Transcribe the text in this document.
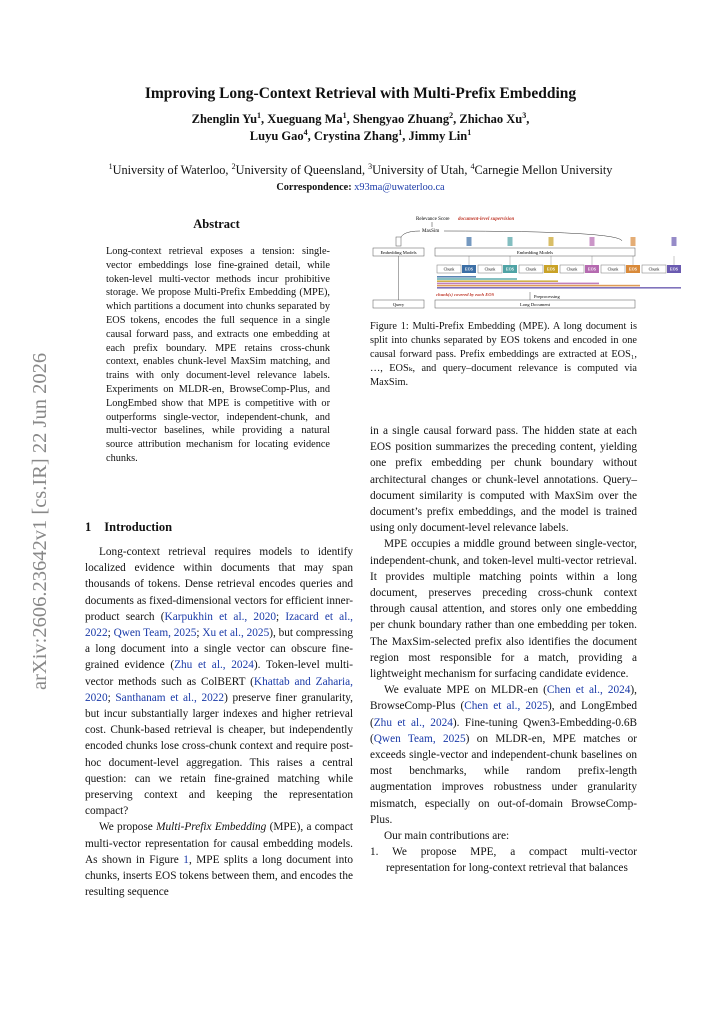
arXiv:2606.23642v1 [cs.IR] 22 Jun 2026
Improving Long-Context Retrieval with Multi-Prefix Embedding
Zhenglin Yu$^1$, Xueguang Ma$^1$, Shengyao Zhuang$^2$, Zhichao Xu$^3$,
Luyu Gao$^4$, Crystina Zhang$^1$, Jimmy Lin$^1$
$^1$University of Waterloo, $^2$University of Queensland, $^3$University of Utah, $^4$Carnegie Mellon University
Correspondence: x93ma@uwaterloo.ca
Abstract
Long-context retrieval exposes a tension: single-vector embeddings lose fine-grained detail, while token-level multi-vector methods incur prohibitive storage. We propose Multi-Prefix Embedding (MPE), which partitions a document into chunks separated by EOS tokens, encodes the full sequence in a single causal forward pass, and extracts one embedding at each prefix boundary. MPE retains cross-chunk context, enables chunk-level MaxSim matching, and trains with only document-level relevance labels. Experiments on MLDR-en, BrowseComp-Plus, and LongEmbed show that MPE is competitive with or outperforms single-vector, independent-chunk, and multi-vector baselines, while providing a natural source attribution mechanism for locating evidence chunks.
1 Introduction

Long-context retrieval requires models to identify localized evidence within documents that may span thousands of tokens. Dense retrieval encodes queries and documents as fixed-dimensional vectors for efficient inner-product search (Karpukhin et al., 2020; Izacard et al., 2022; Qwen Team, 2025; Xu et al., 2025), but compressing a long document into a single vector can obscure fine-grained evidence (Zhu et al., 2024). Token-level multi-vector methods such as ColBERT (Khattab and Zaharia, 2020; Santhanam et al., 2022) preserve finer granularity, but incur substantially larger indexes and higher retrieval cost. Chunk-based retrieval is cheaper, but independently encoded chunks lose cross-chunk context and require post-hoc document-level aggregation. This raises a central question: can we retain fine-grained matching while preserving context and keeping the representation compact?

We propose Multi-Prefix Embedding (MPE), a compact multi-vector representation for causal embedding models. As shown in Figure 1, MPE splits a long document into chunks, inserts EOS tokens between them, and encodes the resulting sequence

Relevance Score document-level supervision
MaxSim
Embedding Models	Embedding Models
Chunk	EOS	Chunk	EOS	Chunk	EOS	Chunk	EOS	Chunk	EOS	Chunk	EOS
chunk(s) covered by each EOS	Preprocessing
Query	Long Document
Figure 1: Multi-Prefix Embedding (MPE). A long document is split into chunks separated by EOS tokens and encoded in one causal forward pass. Prefix embeddings are extracted at EOS₁, …, EOSₖ, and query–document relevance is computed via MaxSim.

in a single causal forward pass. The hidden state at each EOS position summarizes the preceding content, yielding one prefix embedding per chunk boundary without architectural changes or chunk-level annotations. Query–document similarity is computed with MaxSim over the document’s prefix embeddings, and the model is trained using only document-level relevance labels.

MPE occupies a middle ground between single-vector, independent-chunk, and token-level multi-vector retrieval. It provides multiple matching points within a long document, preserves preceding cross-chunk context through causal attention, and stores only one embedding per chunk boundary rather than one embedding per token. The MaxSim-selected prefix also identifies the document region most responsible for a match, providing a lightweight mechanism for surfacing candidate evidence.

We evaluate MPE on MLDR-en (Chen et al., 2024), BrowseComp-Plus (Chen et al., 2025), and LongEmbed (Zhu et al., 2024). Fine-tuning Qwen3-Embedding-0.6B (Qwen Team, 2025) on MLDR-en, MPE matches or exceeds single-vector and independent-chunk baselines on most benchmarks, while random prefix-length augmentation improves robustness under granularity mismatch, especially on out-of-domain BrowseComp-Plus.

Our main contributions are:

1. We propose MPE, a compact multi-vector representation for long-context retrieval that balances
